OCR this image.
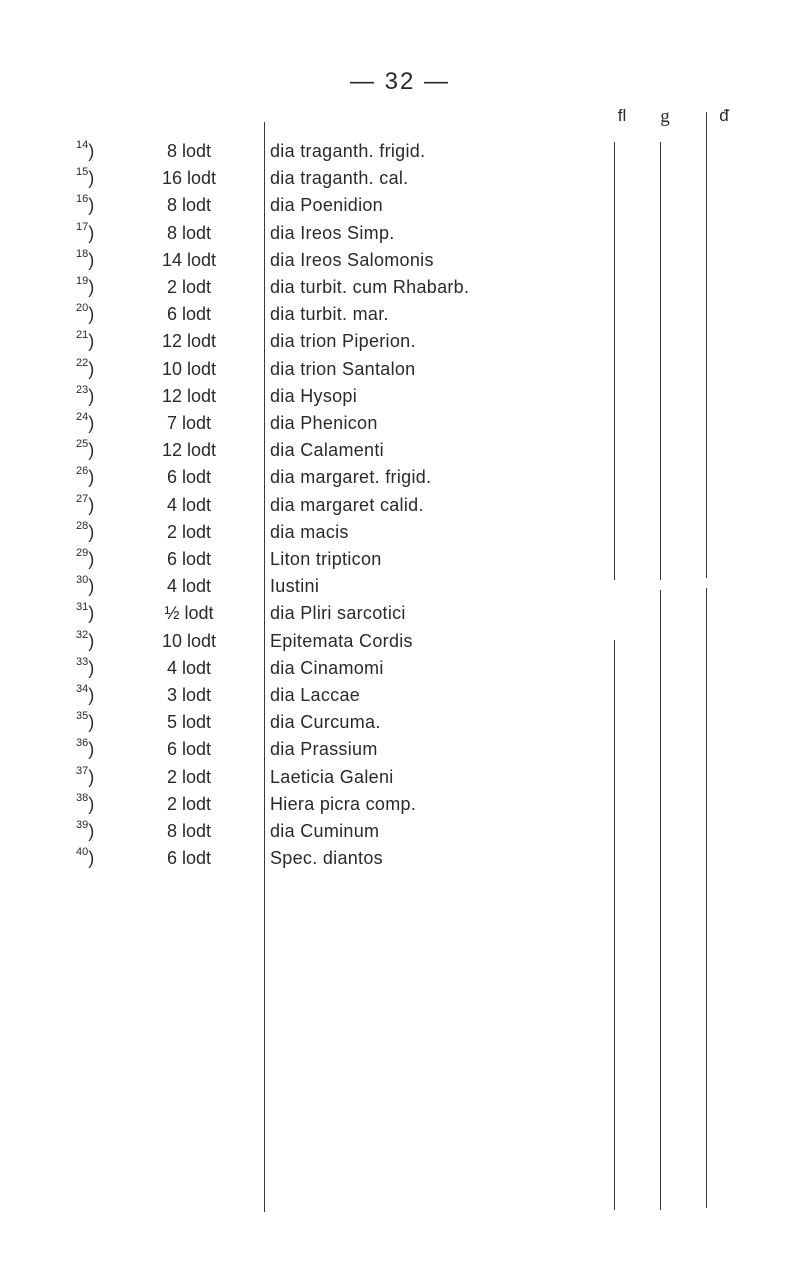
— 32 —
fl	g	ᵭ
$^{14}$)	8 lodt	dia traganth. frigid.
$^{15}$)	16 lodt	dia traganth. cal.
$^{16}$)	8 lodt	dia Poenidion
$^{17}$)	8 lodt	dia Ireos Simp.
$^{18}$)	14 lodt	dia Ireos Salomonis
$^{19}$)	2 lodt	dia turbit. cum Rhabarb.
$^{20}$)	6 lodt	dia turbit. mar.
$^{21}$)	12 lodt	dia trion Piperion.
$^{22}$)	10 lodt	dia trion Santalon
$^{23}$)	12 lodt	dia Hysopi
$^{24}$)	7 lodt	dia Phenicon
$^{25}$)	12 lodt	dia Calamenti
$^{26}$)	6 lodt	dia margaret. frigid.
$^{27}$)	4 lodt	dia margaret calid.
$^{28}$)	2 lodt	dia macis
$^{29}$)	6 lodt	Liton tripticon
$^{30}$)	4 lodt	Iustini
$^{31}$)	½ lodt	dia Pliri sarcotici
$^{32}$)	10 lodt	Epitemata Cordis
$^{33}$)	4 lodt	dia Cinamomi
$^{34}$)	3 lodt	dia Laccae
$^{35}$)	5 lodt	dia Curcuma.
$^{36}$)	6 lodt	dia Prassium
$^{37}$)	2 lodt	Laeticia Galeni
$^{38}$)	2 lodt	Hiera picra comp.
$^{39}$)	8 lodt	dia Cuminum
$^{40}$)	6 lodt	Spec. diantos
